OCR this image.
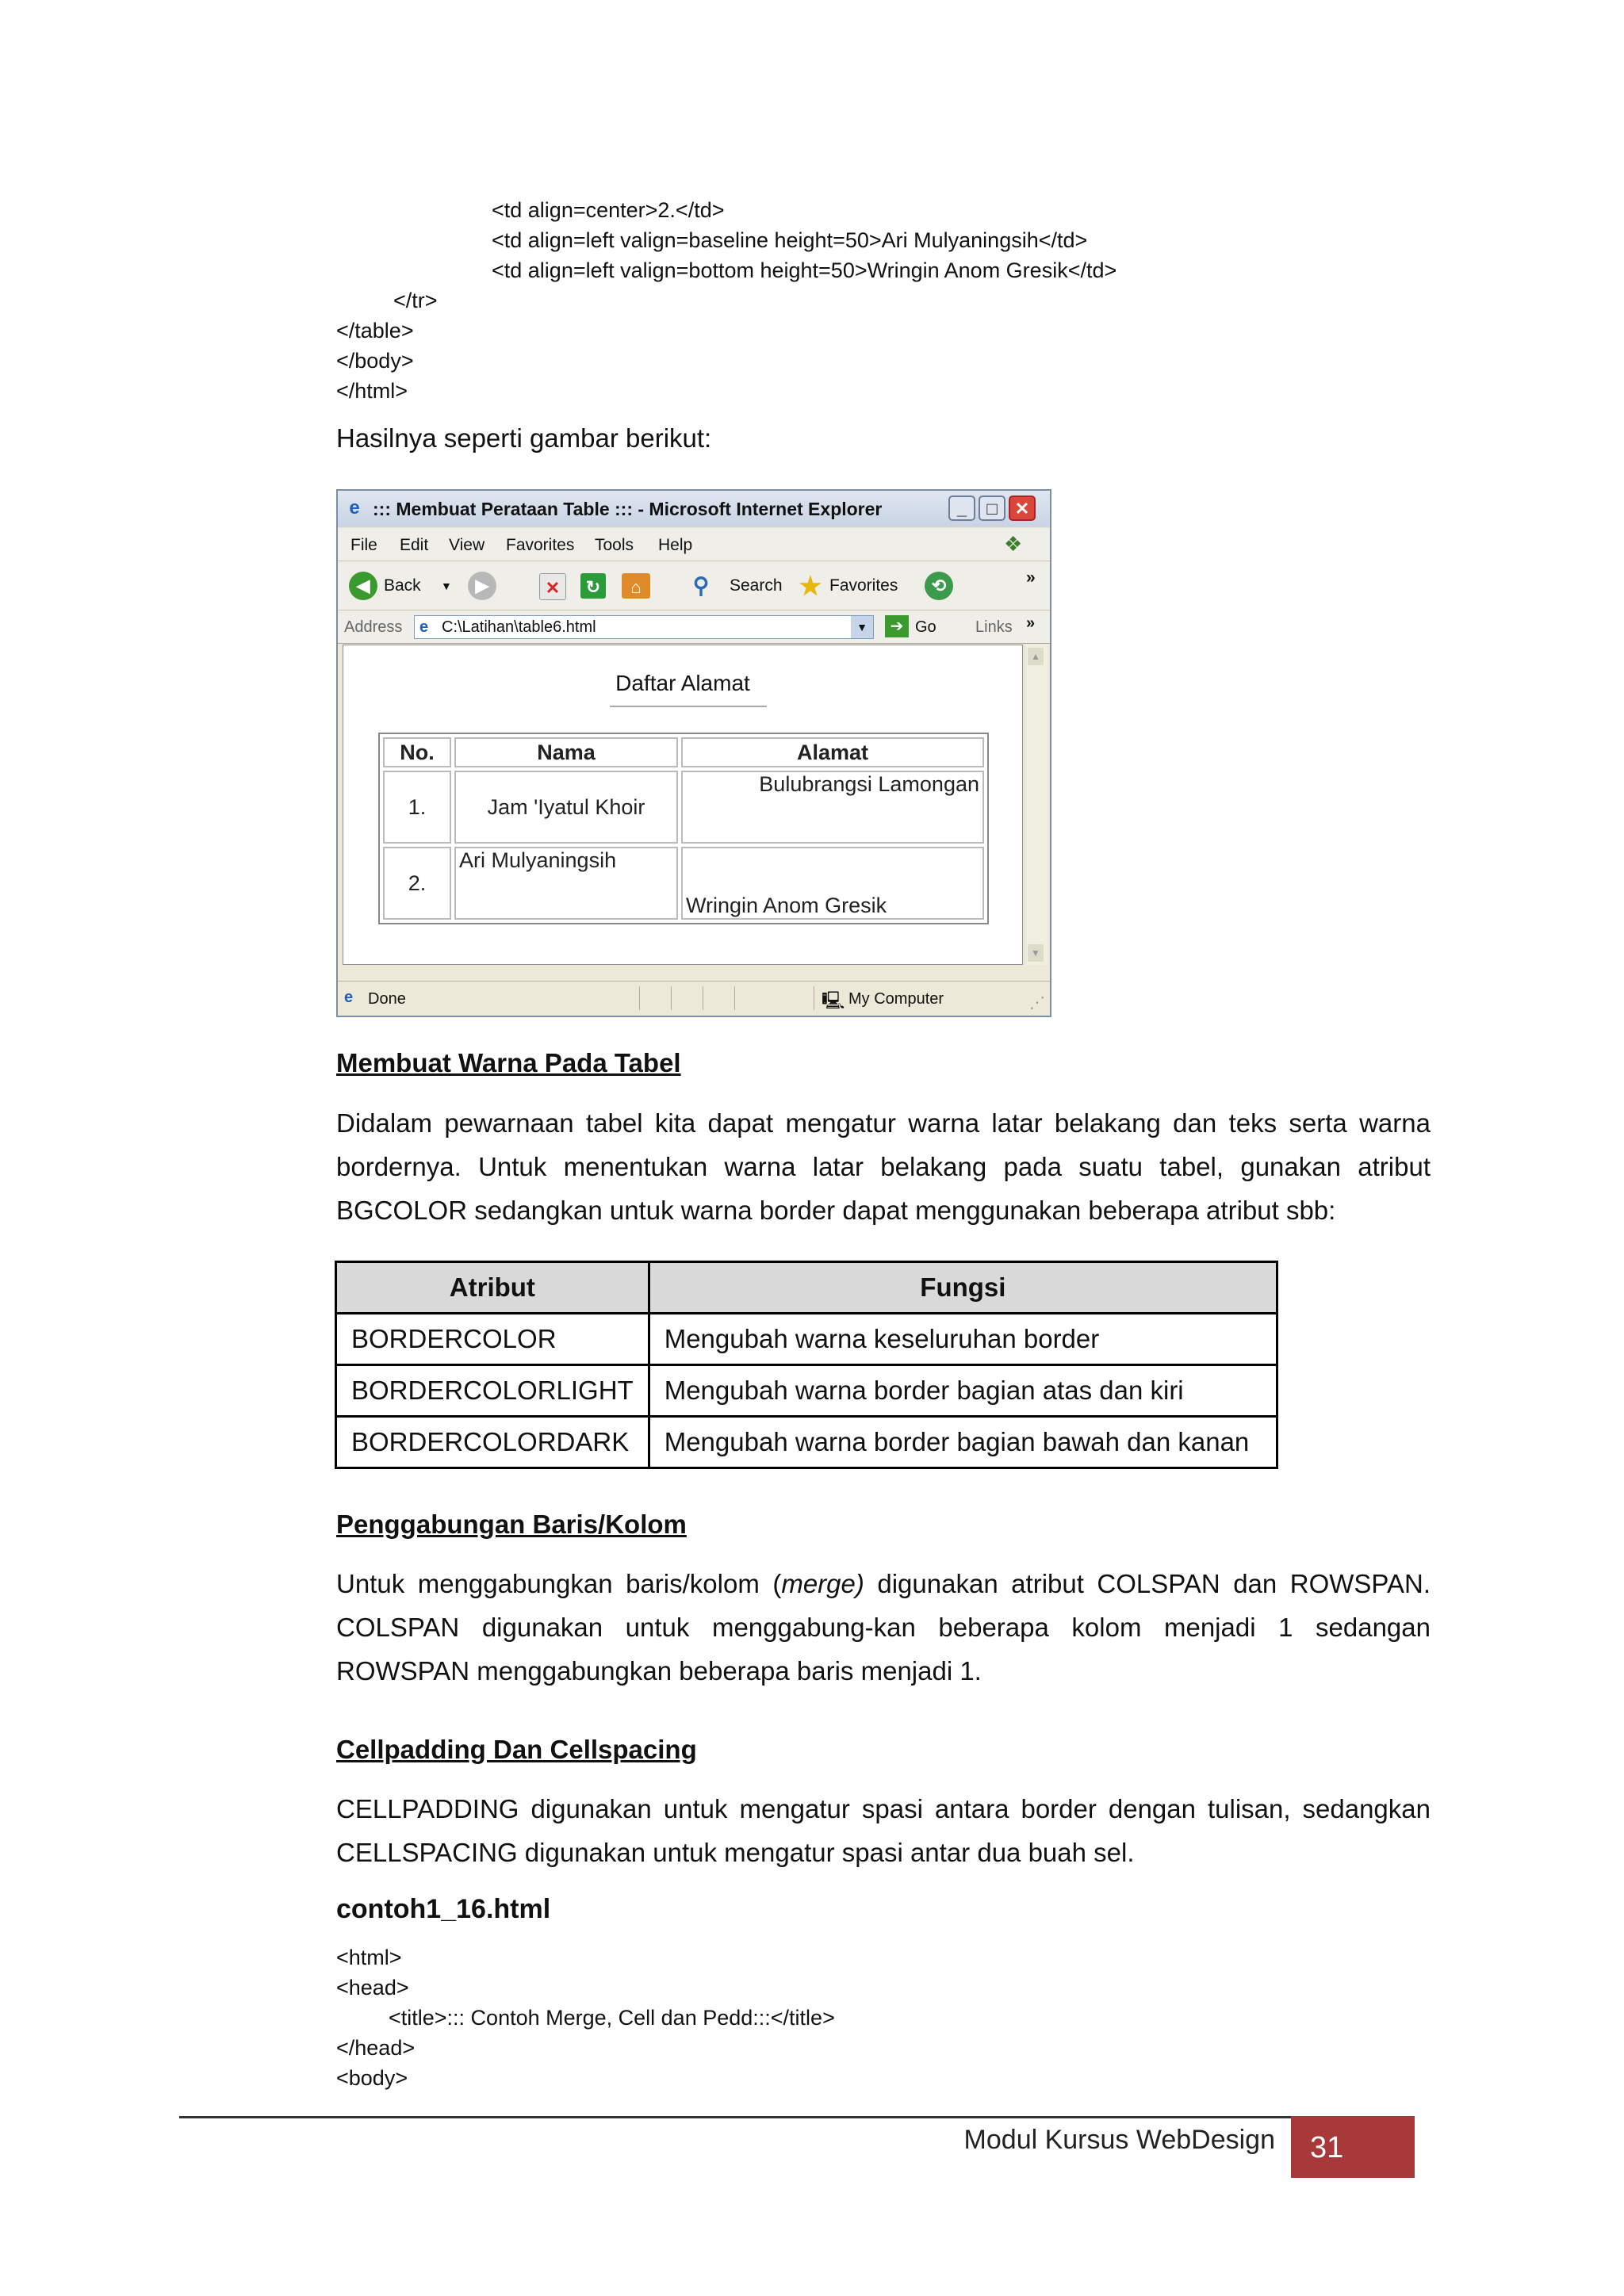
<td align=center>2.</td>
<td align=left valign=baseline height=50>Ari Mulyaningsih</td>
<td align=left valign=bottom height=50>Wringin Anom Gresik</td>
</tr>
</table>
</body>
</html>
Hasilnya seperti gambar berikut:
e ::: Membuat Perataan Table ::: - Microsoft Internet Explorer	_	□	✕
File Edit View Favorites Tools Help	❖
◀ Back ▼	▶	✕	↻	⌂	⚲	Search ★ Favorites	⟲	»
Address e C:\Latihan\table6.html	▼	➔ Go Links »
Daftar Alamat
No.	Nama	Alamat
1.	Jam 'Iyatul Khoir	Bulubrangsi Lamongan
2.	Ari Mulyaningsih	Wringin Anom Gresik
▲
▼
e Done	🖳 My Computer	⋰
Membuat Warna Pada Tabel
Didalam pewarnaan tabel kita dapat mengatur warna latar belakang dan teks serta warna bordernya. Untuk menentukan warna latar belakang pada suatu tabel, gunakan atribut BGCOLOR sedangkan untuk warna border dapat menggunakan beberapa atribut sbb:
Atribut	Fungsi
BORDERCOLOR	Mengubah warna keseluruhan border
BORDERCOLORLIGHT	Mengubah warna border bagian atas dan kiri
BORDERCOLORDARK	Mengubah warna border bagian bawah dan kanan
Penggabungan Baris/Kolom
Untuk menggabungkan baris/kolom (merge) digunakan atribut COLSPAN dan ROWSPAN. COLSPAN digunakan untuk menggabung-kan beberapa kolom menjadi 1 sedangan ROWSPAN menggabungkan beberapa baris menjadi 1.
Cellpadding Dan Cellspacing
CELLPADDING digunakan untuk mengatur spasi antara border dengan tulisan, sedangkan CELLSPACING digunakan untuk mengatur spasi antar dua buah sel.
contoh1_16.html
<html>
<head>
<title>::: Contoh Merge, Cell dan Pedd:::</title>
</head>
<body>
Modul Kursus WebDesign	31
